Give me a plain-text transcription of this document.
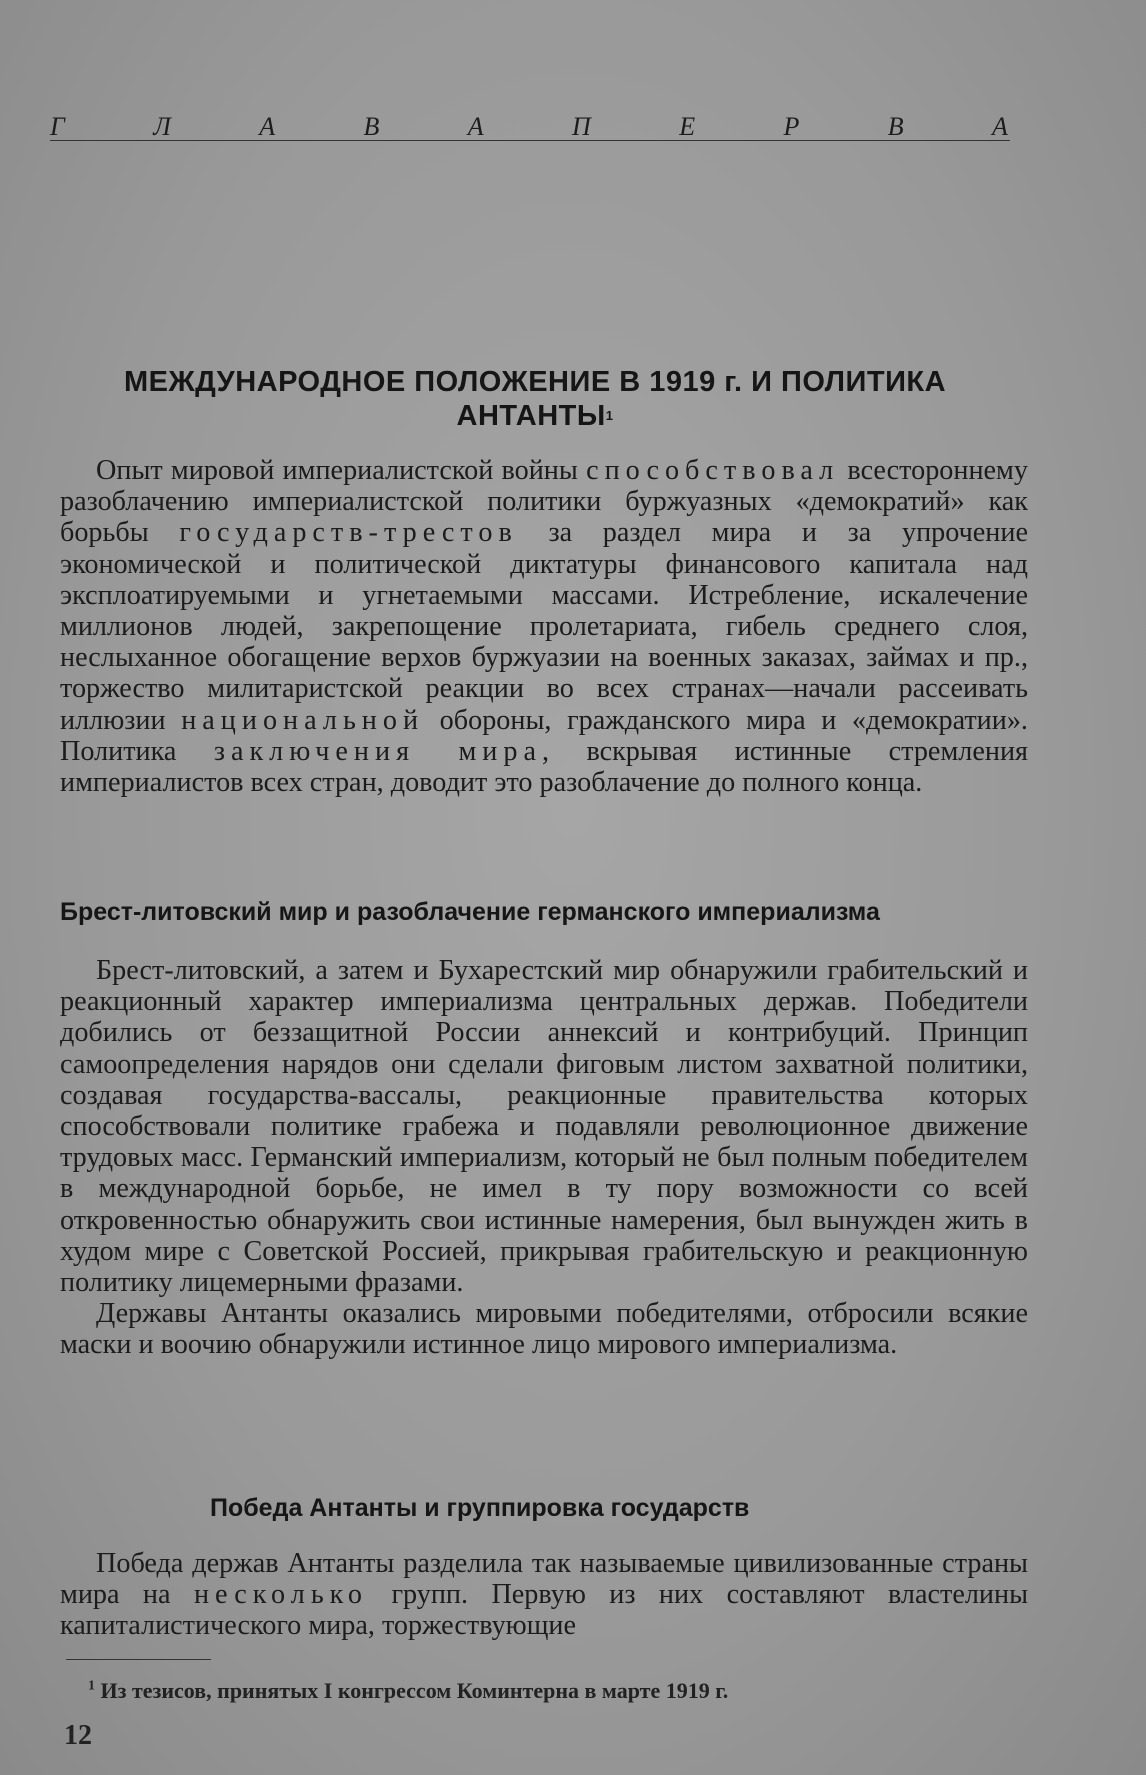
Г	Л	А	В	А	П	Е	Р	В	А
МЕЖДУНАРОДНОЕ ПОЛОЖЕНИЕ В 1919 г. И ПОЛИТИКА
АНТАНТЫ$^1$

Опыт мировой империалистской войны способствовал всестороннему разоблачению империалистской политики буржуазных «демократий» как борьбы государств-трестов за раздел мира и за упрочение экономической и политической диктатуры финансового капитала над эксплоатируемыми и угнетаемыми массами. Истребление, искалечение миллионов людей, закрепощение пролетариата, гибель среднего слоя, неслыханное обогащение верхов буржуазии на военных заказах, займах и пр., торжество милитаристской реакции во всех странах—начали рассеивать иллюзии национальной обороны, гражданского мира и «демократии». Политика заключения мира, вскрывая истинные стремления империалистов всех стран, доводит это разоблачение до полного конца.

Брест-литовский мир и разоблачение германского империализма

Брест-литовский, а затем и Бухарестский мир обнаружили грабительский и реакционный характер империализма центральных держав. Победители добились от беззащитной России аннексий и контрибуций. Принцип самоопределения нарядов они сделали фиговым листом захватной политики, создавая государства-вассалы, реакционные правительства которых способствовали политике грабежа и подавляли революционное движение трудовых масс. Германский империализм, который не был полным победителем в международной борьбе, не имел в ту пору возможности со всей откровенностью обнаружить свои истинные намерения, был вынужден жить в худом мире с Советской Россией, прикрывая грабительскую и реакционную политику лицемерными фразами.

Державы Антанты оказались мировыми победителями, отбросили всякие маски и воочию обнаружили истинное лицо мирового империализма.

Победа Антанты и группировка государств

Победа держав Антанты разделила так называемые цивилизованные страны мира на несколько групп. Первую из них составляют властелины капиталистического мира, торжествующие

$^1$ Из тезисов, принятых I конгрессом Коминтерна в марте 1919 г.
12
